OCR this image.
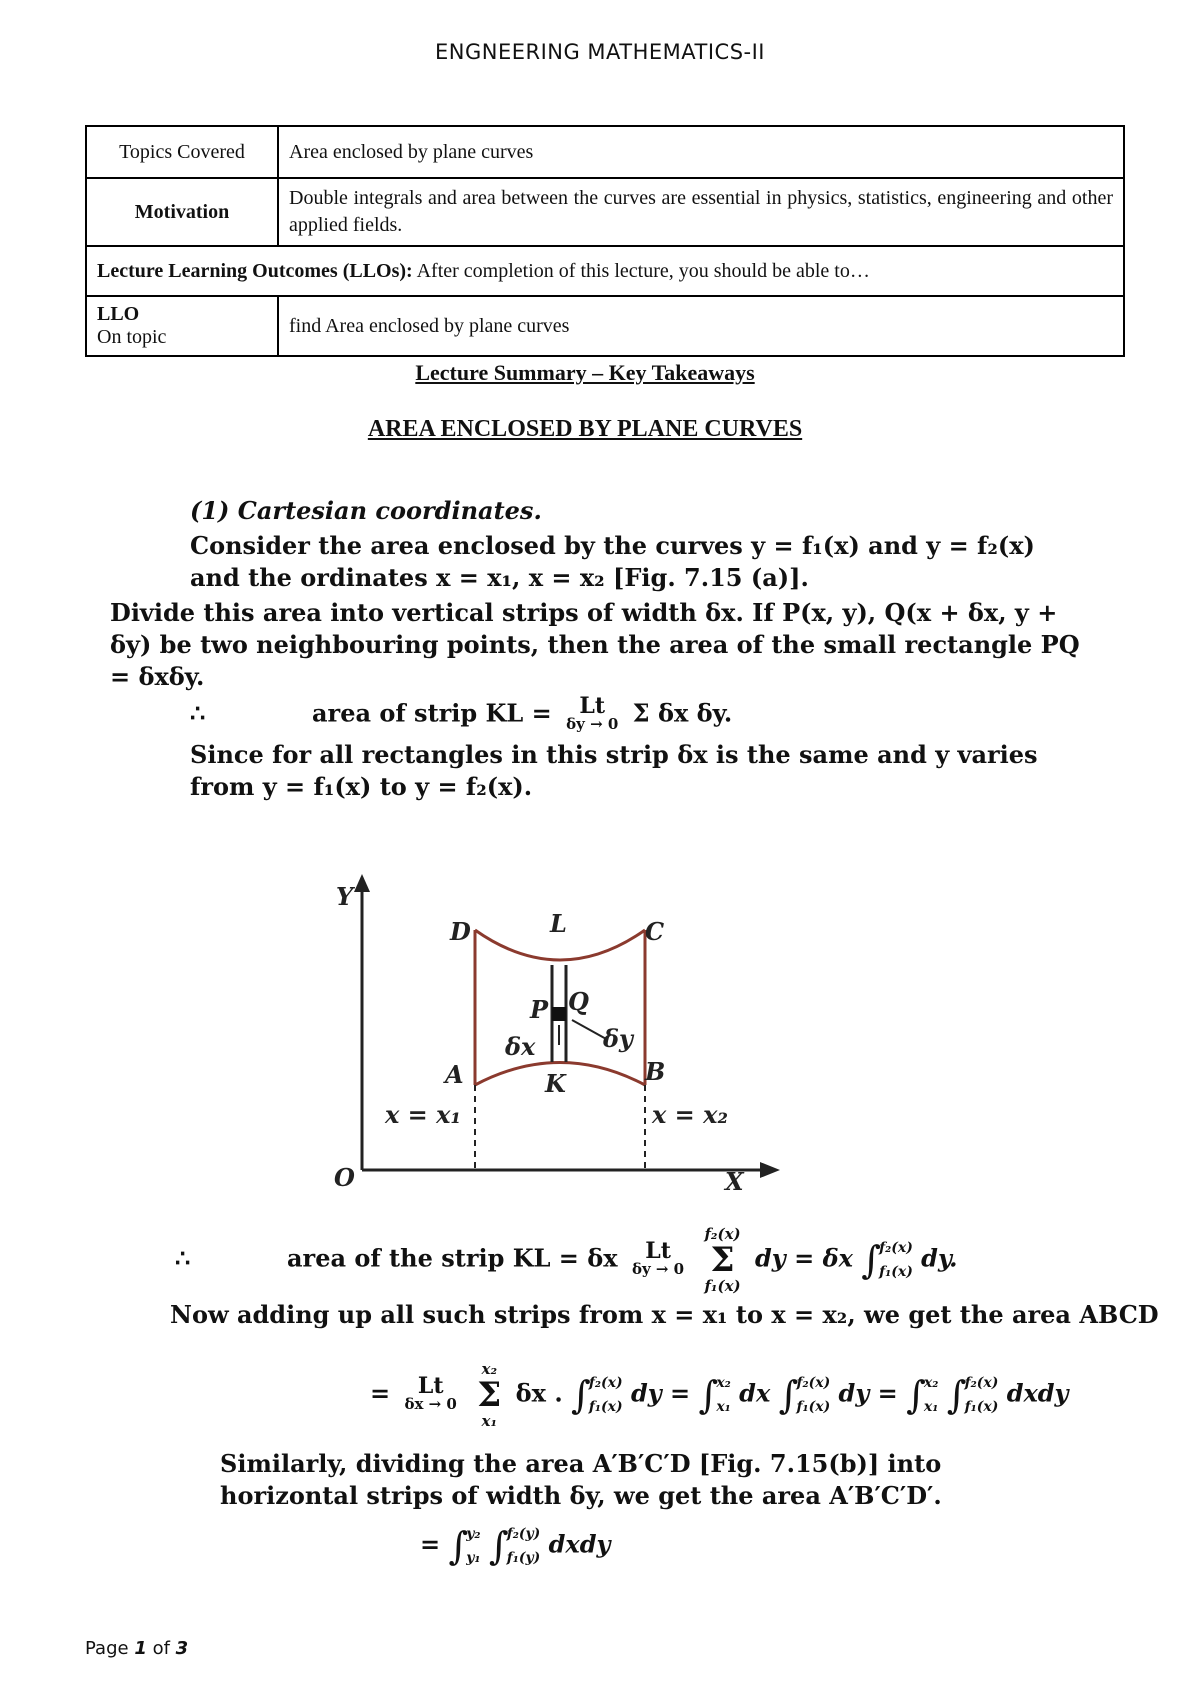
ENGNEERING MATHEMATICS-II
Topics Covered	Area enclosed by plane curves
Motivation	Double integrals and area between the curves are essential in physics, statistics, engineering and other applied fields.
Lecture Learning Outcomes (LLOs): After completion of this lecture, you should be able to…	

LLO
On topic	find Area enclosed by plane curves
Lecture Summary – Key Takeaways
AREA ENCLOSED BY PLANE CURVES

(1) Cartesian coordinates.

Consider the area enclosed by the curves y = f₁(x) and y = f₂(x) and the ordinates x = x₁, x = x₂ [Fig. 7.15 (a)].

Divide this area into vertical strips of width δx. If P(x, y), Q(x + δx, y + δy) be two neighbouring points, then the area of the small rectangle PQ = δxδy.

∴	area of strip KL =	Lt
δy → 0 Σ δx δy.

Since for all rectangles in this strip δx is the same and y varies from y = f₁(x) to y = f₂(x).

Y
X
O
D	L	C
P Q
δx	δy
A	K	B
x = x₁	x = x₂
∴	area of the strip KL = δx	Lt
δy → 0

f₂(x)
Σ
f₁(x)
dy = δx ∫f₂(x)
f₁(x) dy.
Now adding up all such strips from x = x₁ to x = x₂, we get the area ABCD
=	Lt
δx → 0

x₂
Σ
x₁
δx . ∫f₂(x)
f₁(x) dy = ∫x₂
x₁ dx ∫f₂(x)
f₁(x) dy = ∫x₂
x₁ ∫f₂(x)
f₁(x) dxdy
Similarly, dividing the area A′B′C′D [Fig. 7.15(b)] into horizontal strips of width δy, we get the area A′B′C′D′.
= ∫y₂
y₁ ∫f₂(y)
f₁(y) dxdy
Page 1 of 3
